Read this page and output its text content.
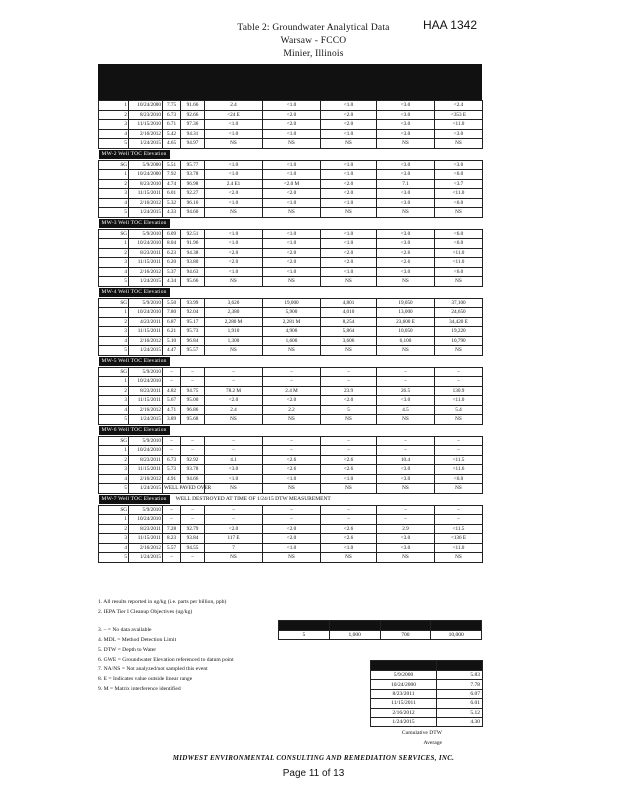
Table 2: Groundwater Analytical Data
Warsaw - FCCO
Minier, Illinois
HAA 1342
1	10/24/2000	7.75	91.66	2.4	<1.0	<1.0	<3.0	<2.4
2	8/23/2010	6.73	92.66	<24 E	<2.0	<2.0	<3.0	<353 E
3	11/15/2010	6.71	97.36	<1.0	<2.0	<2.0	<3.0	<11.0
4	2/16/2012	5.42	94.31	<1.0	<1.0	<1.0	<3.0	<3.0
5	1/24/2015	4.65	94.97	NS	NS	NS	NS	NS
MW-2 Well TOC Elevation								
SG	5/9/2000	5.51	95.77	<1.0	<1.0	<1.0	<3.0	<3.0
1	10/24/2000	7.92	93.78	<1.0	<1.0	<1.0	<3.0	<6.0
2	8/23/2010	4.74	96.98	2.4 E1	<2.0 M	<2.0	7.1	<3.7
3	11/15/2011	6.01	92.27	<2.0	<2.0	<2.0	<3.0	<11.0
4	2/16/2012	5.32	96.16	<1.0	<1.0	<1.0	<3.0	<6.0
5	1/24/2015	4.33	94.60	NS	NS	NS	NS	NS
MW-3 Well TOC Elevation								
SG	5/9/2010	6.09	92.51	<1.0	<1.0	<1.0	<3.0	<6.0
1	10/24/2010	8.04	91.96	<1.0	<1.0	<1.0	<3.0	<6.0
2	8/23/2011	6.23	94.38	<2.0	<2.0	<2.0	<2.6	<11.0
3	11/15/2011	6.20	93.80	<2.0	<2.0	<2.0	<2.6	<11.0
4	2/16/2012	5.37	94.63	<1.0	<1.0	<1.0	<3.0	<6.0
5	1/24/2015	4.34	95.66	NS	NS	NS	NS	NS
MW-4 Well TOC Elevation								
SG	5/9/2010	5.50	93.99	3,620	19,000	4,801	19,050	37,100
1	10/24/2010	7.80	92.04	2,380	5,900	4,010	13,000	24,650
2	4/23/2011	6.87	95.17	2,280 M	2,281 M	8,254	23,600 E	34,420 E
3	11/15/2011	6.21	95.73	1,910	4,900	5,864	10,050	19,220
4	2/16/2012	5.10	96.84	1,300	1,600	3,606	6,100	10,790
5	1/24/2015	4.47	95.57	NS	NS	NS	NS	NS
MW-5 Well TOC Elevation								
SG	5/9/2010	–	–	–	–	–	–	–
1	10/24/2010	–	–	–	–	–	–	–
2	8/23/2011	4.82	94.75	78.2 M	2.4 M	23.9	26.5	130.9
3	11/15/2011	5.67	95.00	<2.0	<2.0	<2.0	<3.0	<11.0
4	2/16/2012	4.71	96.86	2.4	2.2	5	4.5	5.4
5	1/24/2015	3.89	95.68	NS	NS	NS	NS	NS
MW-6 Well TOC Elevation								
SG	5/9/2010	–	–	–	–	–	–	–
1	10/24/2010	–	–	–	–	–	–	–
2	8/23/2011	6.73	92.92	4.1	<2.6	<2.6	10.4	<11.5
3	11/15/2011	5.73	93.78	<3.0	<2.6	<2.6	<3.0	<11.6
4	2/16/2012	4.91	94.66	<1.0	<1.0	<1.0	<3.0	<6.0
5	1/24/2015	WELL PAVED OVER		NS	NS	NS	NS	NS
MW-7 Well TOC Elevation WELL DESTROYED AT TIME OF 1/24/15 DTW MEASUREMENT								
SG	5/9/2010	–	–	–	–	–	–	–
1	10/24/2010	–	–	–	–	–	–	–
2	8/23/2011	7.28	92.79	<2.0	<2.0	<2.6	2.9	<11.5
3	11/15/2011	8.23	93.84	117 E	<2.0	<2.6	<3.0	<136 E
4	2/16/2012	5.57	94.55	7	<1.0	<1.0	<3.0	<11.0
5	1/24/2015	–	–	NS	NS	NS	NS	NS
1. All results reported in ug/kg (i.e. parts per billion, ppb)
2. IEPA Tier I Cleanup Objectives (ug/kg)
3. – = No data available
4. MDL = Method Detection Limit
5. DTW = Depth to Water
6. GWE = Groundwater Elevation referenced to datum point
7. NA/NS = Not analyzed/not sampled this event
8. E = Indicates value outside linear range
9. M = Matrix interference identified

5	1,000	700	10,000

5/9/2000	5.83
10/24/2000	7.78
8/23/2011	6.07
11/15/2011	6.01
2/16/2012	5.12
1/24/2015	4.30
Cumulative DTW
Average
MIDWEST ENVIRONMENTAL CONSULTING AND REMEDIATION SERVICES, INC.
Page 11 of 13
